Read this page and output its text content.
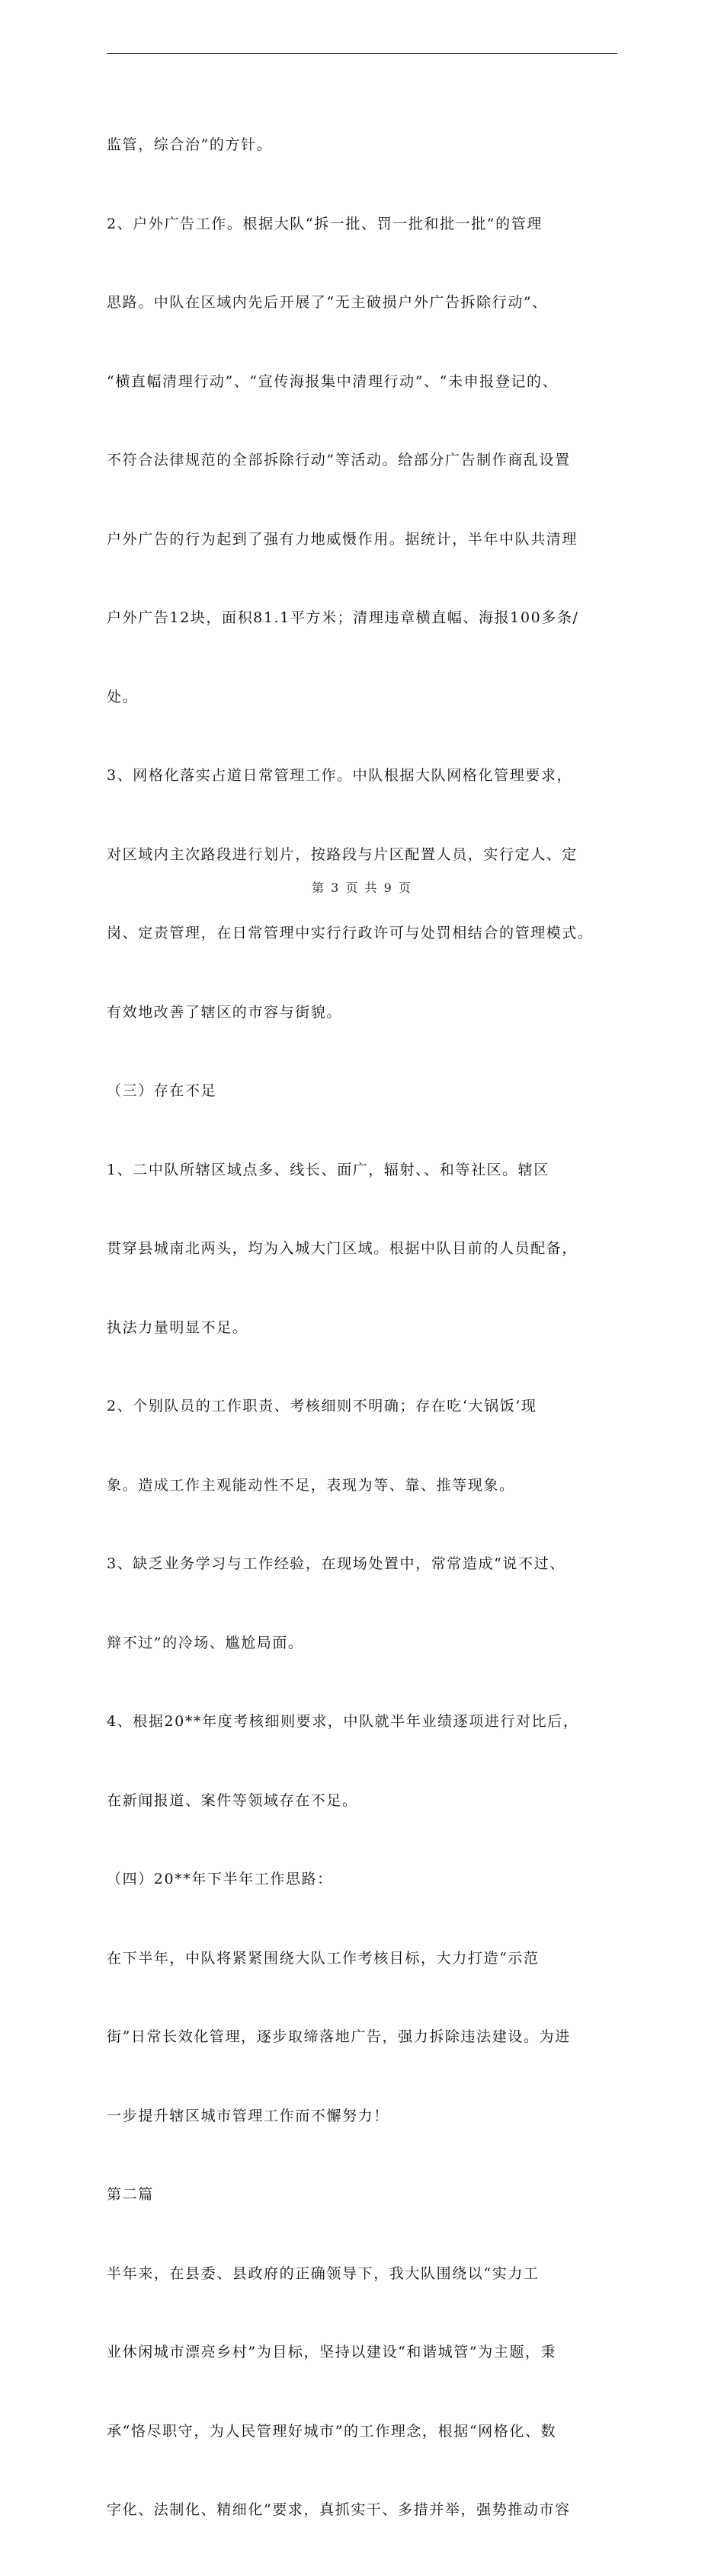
监管，综合治”的方针。

2、户外广告工作。根据大队“拆一批、罚一批和批一批”的管理

思路。中队在区域内先后开展了“无主破损户外广告拆除行动”、

“横直幅清理行动”、“宣传海报集中清理行动”、“未申报登记的、

不符合法律规范的全部拆除行动”等活动。给部分广告制作商乱设置

户外广告的行为起到了强有力地威慑作用。据统计，半年中队共清理

户外广告12块，面积81.1平方米；清理违章横直幅、海报100多条/

处。

3、网格化落实占道日常管理工作。中队根据大队网格化管理要求，

对区域内主次路段进行划片，按路段与片区配置人员，实行定人、定

岗、定责管理，在日常管理中实行行政许可与处罚相结合的管理模式。

有效地改善了辖区的市容与街貌。

（三）存在不足

1、二中队所辖区域点多、线长、面广，辐射、、和等社区。辖区

贯穿县城南北两头，均为入城大门区域。根据中队目前的人员配备，

执法力量明显不足。

2、个别队员的工作职责、考核细则不明确；存在吃‘大锅饭’现

象。造成工作主观能动性不足，表现为等、靠、推等现象。

3、缺乏业务学习与工作经验，在现场处置中，常常造成“说不过、

辩不过”的冷场、尴尬局面。

4、根据20**年度考核细则要求，中队就半年业绩逐项进行对比后，

在新闻报道、案件等领域存在不足。

（四）20**年下半年工作思路：

在下半年，中队将紧紧围绕大队工作考核目标，大力打造“示范

街”日常长效化管理，逐步取缔落地广告，强力拆除违法建设。为进

一步提升辖区城市管理工作而不懈努力！

第二篇

半年来，在县委、县政府的正确领导下，我大队围绕以“实力工

业休闲城市漂亮乡村”为目标，坚持以建设“和谐城管”为主题，秉

承“恪尽职守，为人民管理好城市”的工作理念，根据“网格化、数

字化、法制化、精细化”要求，真抓实干、多措并举，强势推动市容

第 3 页 共 9 页
